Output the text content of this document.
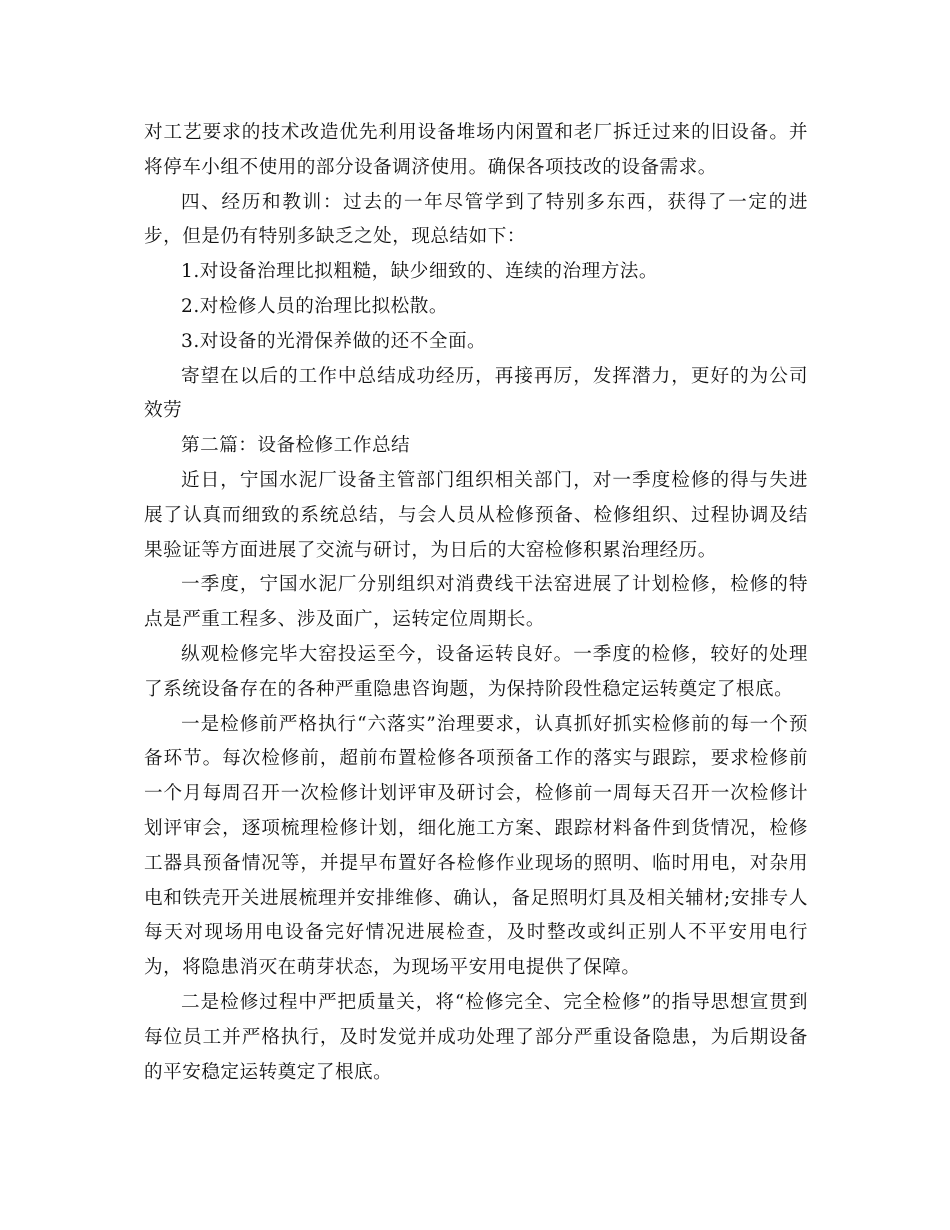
对工艺要求的技术改造优先利用设备堆场内闲置和老厂拆迁过来的旧设备。并将停车小组不使用的部分设备调济使用。确保各项技改的设备需求。

四、经历和教训：过去的一年尽管学到了特别多东西，获得了一定的进步，但是仍有特别多缺乏之处，现总结如下：

1.对设备治理比拟粗糙，缺少细致的、连续的治理方法。

2.对检修人员的治理比拟松散。

3.对设备的光滑保养做的还不全面。

寄望在以后的工作中总结成功经历，再接再厉，发挥潜力，更好的为公司效劳

第二篇：设备检修工作总结

近日，宁国水泥厂设备主管部门组织相关部门，对一季度检修的得与失进展了认真而细致的系统总结，与会人员从检修预备、检修组织、过程协调及结果验证等方面进展了交流与研讨，为日后的大窑检修积累治理经历。

一季度，宁国水泥厂分别组织对消费线干法窑进展了计划检修，检修的特点是严重工程多、涉及面广，运转定位周期长。

纵观检修完毕大窑投运至今，设备运转良好。一季度的检修，较好的处理了系统设备存在的各种严重隐患咨询题，为保持阶段性稳定运转奠定了根底。

一是检修前严格执行“六落实”治理要求，认真抓好抓实检修前的每一个预备环节。每次检修前，超前布置检修各项预备工作的落实与跟踪，要求检修前一个月每周召开一次检修计划评审及研讨会，检修前一周每天召开一次检修计划评审会，逐项梳理检修计划，细化施工方案、跟踪材料备件到货情况，检修工器具预备情况等，并提早布置好各检修作业现场的照明、临时用电，对杂用电和铁壳开关进展梳理并安排维修、确认，备足照明灯具及相关辅材;安排专人每天对现场用电设备完好情况进展检查，及时整改或纠正别人不平安用电行为，将隐患消灭在萌芽状态，为现场平安用电提供了保障。

二是检修过程中严把质量关，将“检修完全、完全检修”的指导思想宣贯到每位员工并严格执行，及时发觉并成功处理了部分严重设备隐患，为后期设备的平安稳定运转奠定了根底。
